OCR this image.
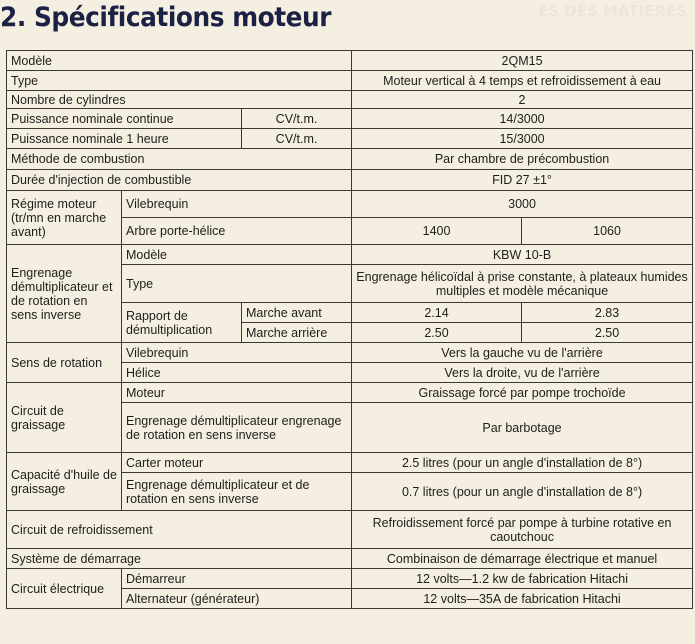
2. Spécifications moteur	ES DES MATIERES
Modèle			2QM15	
Type			Moteur vertical à 4 temps et refroidissement à eau	
Nombre de cylindres			2	
Puissance nominale continue		CV/t.m.	14/3000	
Puissance nominale 1 heure		CV/t.m.	15/3000	
Méthode de combustion			Par chambre de précombustion	
Durée d'injection de combustible			FID 27 ±1°	
Régime moteur (tr/mn en marche avant)	Vilebrequin		3000	
	Arbre porte-hélice		1400	1060
Engrenage démultiplicateur et de rotation en sens inverse	Modèle		KBW 10-B	
	Type		Engrenage hélicoïdal à prise constante, à plateaux humides multiples et modèle mécanique	
	Rapport de démultiplication	Marche avant	2.14	2.83
		Marche arrière	2.50	2.50
Sens de rotation	Vilebrequin		Vers la gauche vu de l'arrière	
	Hélice		Vers la droite, vu de l'arrière	
Circuit de graissage	Moteur		Graissage forcé par pompe trochoïde	
	Engrenage démultiplicateur engrenage de rotation en sens inverse		Par barbotage	
Capacité d'huile de graissage	Carter moteur		2.5 litres (pour un angle d'installation de 8°)	
	Engrenage démultiplicateur et de rotation en sens inverse		0.7 litres (pour un angle d'installation de 8°)	
Circuit de refroidissement			Refroidissement forcé par pompe à turbine rotative en caoutchouc	
Système de démarrage			Combinaison de démarrage électrique et manuel	
Circuit électrique	Démarreur		12 volts—1.2 kw de fabrication Hitachi	
	Alternateur (générateur)		12 volts—35A de fabrication Hitachi	
